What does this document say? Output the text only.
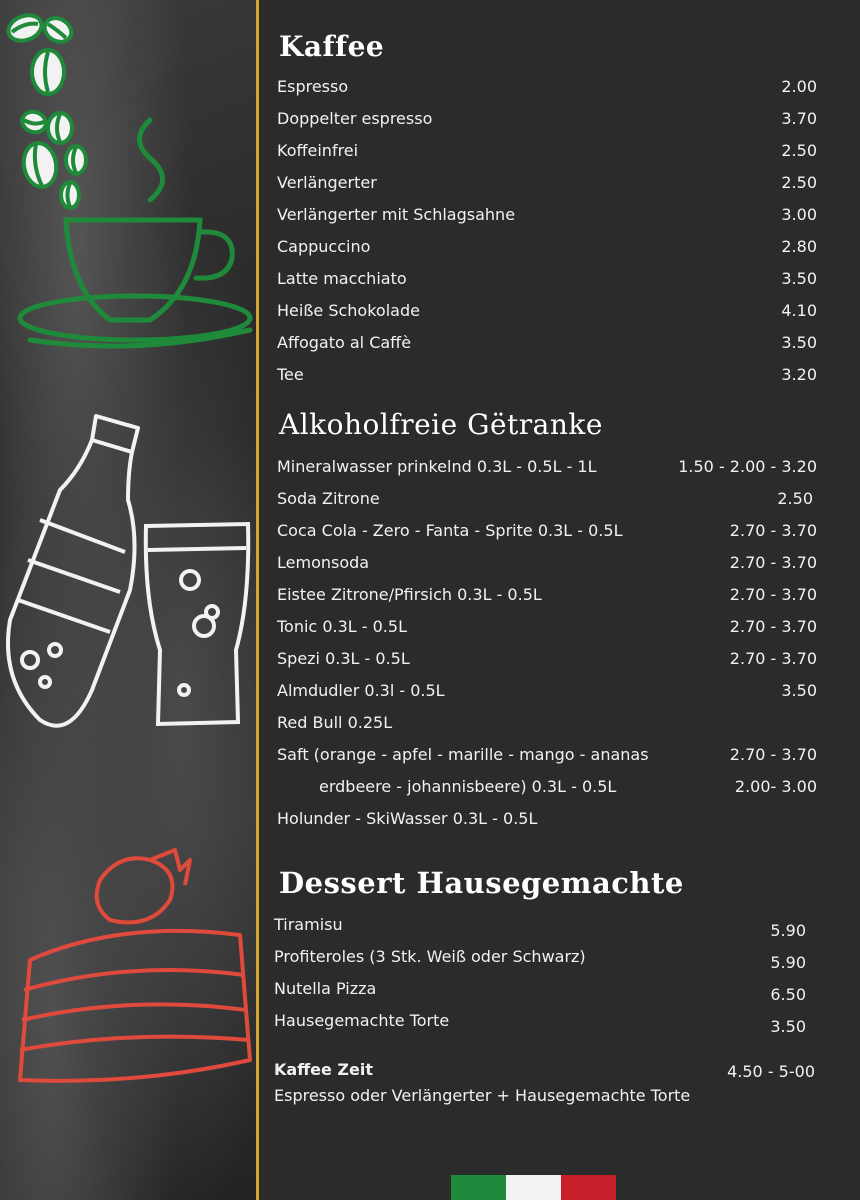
Kaffee
Espresso	2.00
Doppelter espresso	3.70
Koffeinfrei	2.50
Verlängerter	2.50
Verlängerter mit Schlagsahne	3.00
Cappuccino	2.80
Latte macchiato	3.50
Heiße Schokolade	4.10
Affogato al Caffè	3.50
Tee	3.20
Alkoholfreie Gëtranke
Mineralwasser prinkelnd 0.3L - 0.5L - 1L	1.50 - 2.00 - 3.20
Soda Zitrone	2.50
Coca Cola - Zero - Fanta - Sprite 0.3L - 0.5L	2.70 - 3.70
Lemonsoda	2.70 - 3.70
Eistee Zitrone/Pfirsich 0.3L - 0.5L	2.70 - 3.70
Tonic 0.3L - 0.5L	2.70 - 3.70
Spezi 0.3L - 0.5L	2.70 - 3.70
Almdudler 0.3l - 0.5L	3.50
Red Bull 0.25L
Saft (orange - apfel - marille - mango - ananas	2.70 - 3.70
erdbeere - johannisbeere) 0.3L - 0.5L	2.00- 3.00
Holunder - SkiWasser 0.3L - 0.5L
Dessert Hausegemachte
Tiramisu	5.90
Profiteroles (3 Stk. Weiß oder Schwarz)	5.90
Nutella Pizza	6.50
Hausegemachte Torte	3.50
Kaffee Zeit	4.50 - 5-00
Espresso oder Verlängerter + Hausegemachte Torte
